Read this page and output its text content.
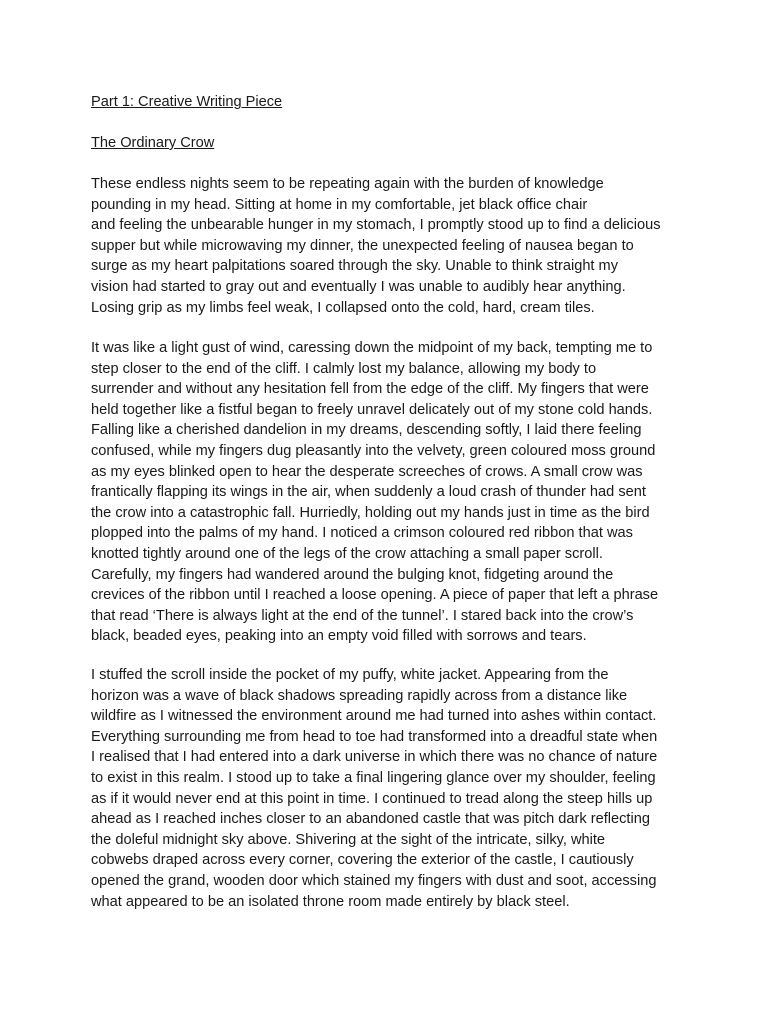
Part 1: Creative Writing Piece
The Ordinary Crow

These endless nights seem to be repeating again with the burden of knowledge
pounding in my head. Sitting at home in my comfortable, jet black office chair
and feeling the unbearable hunger in my stomach, I promptly stood up to find a delicious
supper but while microwaving my dinner, the unexpected feeling of nausea began to
surge as my heart palpitations soared through the sky. Unable to think straight my
vision had started to gray out and eventually I was unable to audibly hear anything.
Losing grip as my limbs feel weak, I collapsed onto the cold, hard, cream tiles.

It was like a light gust of wind, caressing down the midpoint of my back, tempting me to
step closer to the end of the cliff. I calmly lost my balance, allowing my body to
surrender and without any hesitation fell from the edge of the cliff. My fingers that were
held together like a fistful began to freely unravel delicately out of my stone cold hands.
Falling like a cherished dandelion in my dreams, descending softly, I laid there feeling
confused, while my fingers dug pleasantly into the velvety, green coloured moss ground
as my eyes blinked open to hear the desperate screeches of crows. A small crow was
frantically flapping its wings in the air, when suddenly a loud crash of thunder had sent
the crow into a catastrophic fall. Hurriedly, holding out my hands just in time as the bird
plopped into the palms of my hand. I noticed a crimson coloured red ribbon that was
knotted tightly around one of the legs of the crow attaching a small paper scroll.
Carefully, my fingers had wandered around the bulging knot, fidgeting around the
crevices of the ribbon until I reached a loose opening. A piece of paper that left a phrase
that read ‘There is always light at the end of the tunnel’. I stared back into the crow’s
black, beaded eyes, peaking into an empty void filled with sorrows and tears.

I stuffed the scroll inside the pocket of my puffy, white jacket. Appearing from the
horizon was a wave of black shadows spreading rapidly across from a distance like
wildfire as I witnessed the environment around me had turned into ashes within contact.
Everything surrounding me from head to toe had transformed into a dreadful state when
I realised that I had entered into a dark universe in which there was no chance of nature
to exist in this realm. I stood up to take a final lingering glance over my shoulder, feeling
as if it would never end at this point in time. I continued to tread along the steep hills up
ahead as I reached inches closer to an abandoned castle that was pitch dark reflecting
the doleful midnight sky above. Shivering at the sight of the intricate, silky, white
cobwebs draped across every corner, covering the exterior of the castle, I cautiously
opened the grand, wooden door which stained my fingers with dust and soot, accessing
what appeared to be an isolated throne room made entirely by black steel.
